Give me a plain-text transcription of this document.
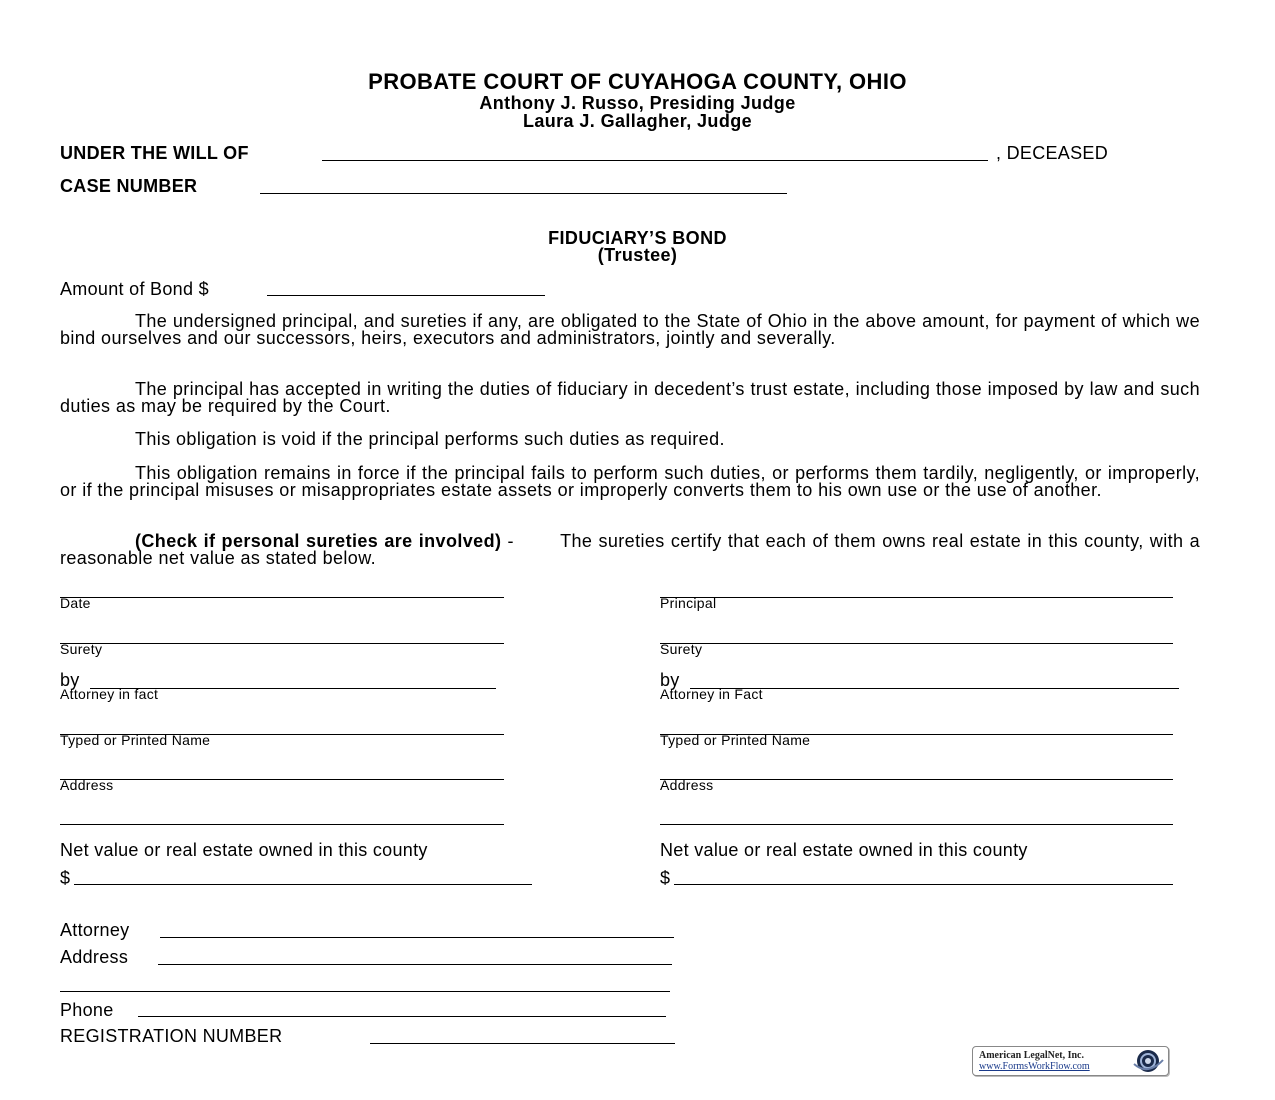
PROBATE COURT OF CUYAHOGA COUNTY, OHIO
Anthony J. Russo, Presiding Judge
Laura J. Gallagher, Judge
UNDER THE WILL OF	, DECEASED
CASE NUMBER
FIDUCIARY’S BOND
(Trustee)
Amount of Bond $
The undersigned principal, and sureties if any, are obligated to the State of Ohio in the above amount, for payment of which we bind ourselves and our successors, heirs, executors and administrators, jointly and severally.
The principal has accepted in writing the duties of fiduciary in decedent’s trust estate, including those imposed by law and such duties as may be required by the Court.
This obligation is void if the principal performs such duties as required.
This obligation remains in force if the principal fails to perform such duties, or performs them tardily, negligently, or improperly, or if the principal misuses or misappropriates estate assets or improperly converts them to his own use or the use of another.
(Check if personal sureties are involved) - The sureties certify that each of them owns real estate in this county, with a reasonable net value as stated below.
Date
Surety
by
Attorney in fact
Typed or Printed Name
Address
Net value or real estate owned in this county
$
Principal
Surety
by
Attorney in Fact
Typed or Printed Name
Address
Net value or real estate owned in this county
$
Attorney
Address
Phone
REGISTRATION NUMBER
American LegalNet, Inc.
www.FormsWorkFlow.com
